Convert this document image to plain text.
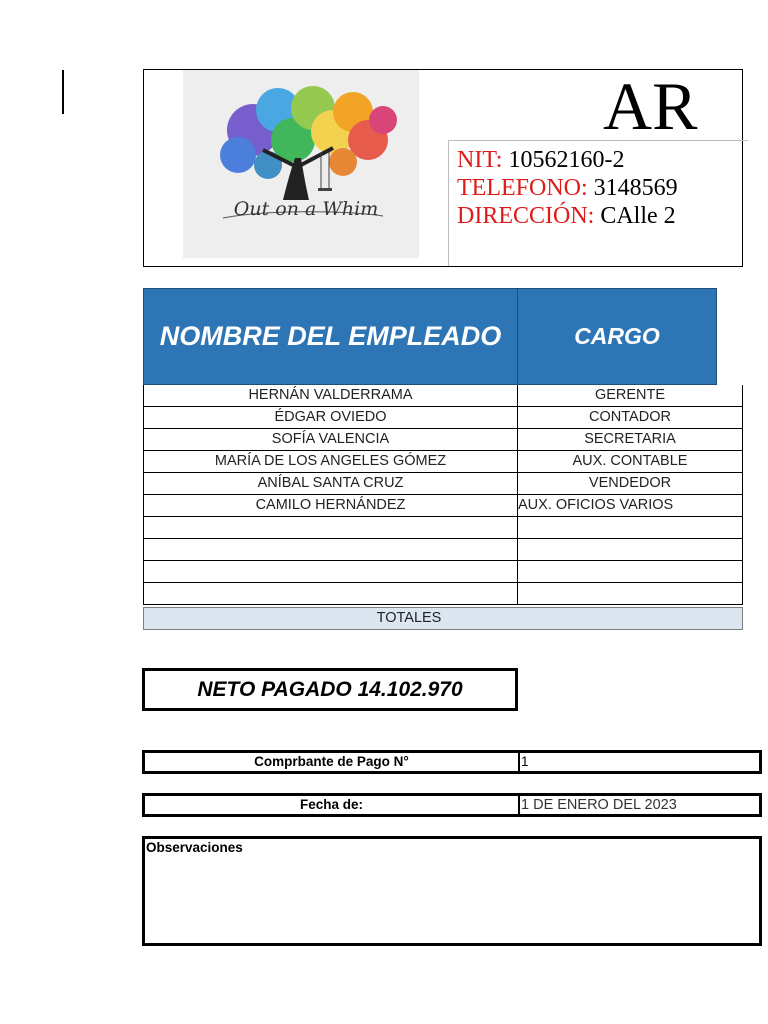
Out on a Whim
AR
NIT: 10562160-2
TELEFONO: 3148569
DIRECCIÓN: CAlle 2
NOMBRE DEL EMPLEADO	CARGO
HERNÁN VALDERRAMA	GERENTE
ÉDGAR OVIEDO	CONTADOR
SOFÍA VALENCIA	SECRETARIA
MARÍA DE LOS ANGELES GÓMEZ	AUX. CONTABLE
ANÍBAL SANTA CRUZ	VENDEDOR
CAMILO HERNÁNDEZ	AUX. OFICIOS VARIOS
TOTALES
NETO PAGADO 14.102.970
Comprbante de Pago N°	1
Fecha de:	1 DE ENERO DEL 2023
Observaciones
